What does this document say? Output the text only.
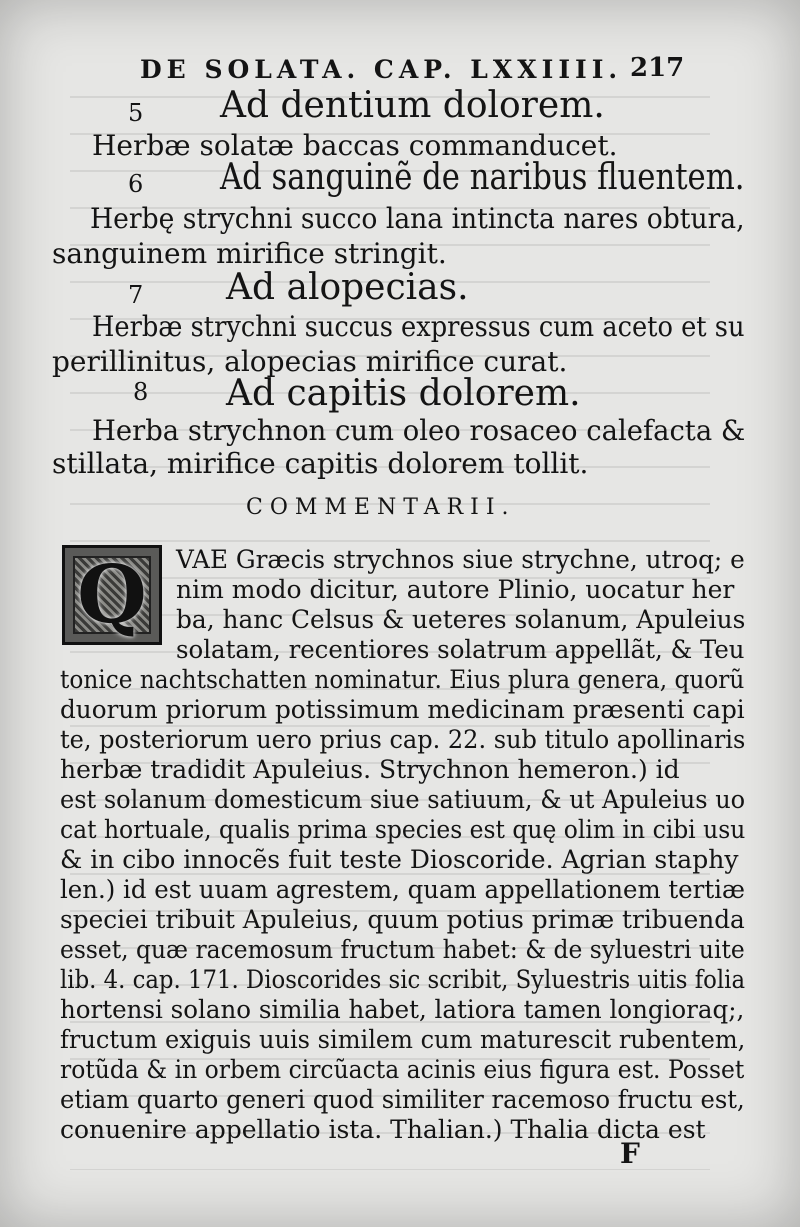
DE SOLATA. CAP. LXXIIII. 217
5 Ad dentium dolorem.
Herbæ solatæ baccas commanducet.
6 Ad sanguinẽ de naribus fluentem.
Herbę strychni succo lana intincta nares obtura,
sanguinem mirifice stringit.
7 Ad alopecias.
Herbæ strychni succus expressus cum aceto et su
perillinitus, alopecias mirifice curat.
8 Ad capitis dolorem.
Herba strychnon cum oleo rosaceo calefacta &
stillata, mirifice capitis dolorem tollit.
COMMENTARII.
Q	VAE Græcis strychnos siue strychne, utroq; e
nim modo dicitur, autore Plinio, uocatur her
ba, hanc Celsus & ueteres solanum, Apuleius
solatam, recentiores solatrum appellãt, & Teu
tonice nachtschatten nominatur. Eius plura genera, quorũ
duorum priorum potissimum medicinam præsenti capi
te, posteriorum uero prius cap. 22. sub titulo apollinaris
herbæ tradidit Apuleius. Strychnon hemeron.) id
est solanum domesticum siue satiuum, & ut Apuleius uo
cat hortuale, qualis prima species est quę olim in cibi usu
& in cibo innocẽs fuit teste Dioscoride. Agrian staphy
len.) id est uuam agrestem, quam appellationem tertiæ
speciei tribuit Apuleius, quum potius primæ tribuenda
esset, quæ racemosum fructum habet: & de syluestri uite
lib. 4. cap. 171. Dioscorides sic scribit, Syluestris uitis folia
hortensi solano similia habet, latiora tamen longioraq;,
fructum exiguis uuis similem cum maturescit rubentem,
rotũda & in orbem circũacta acinis eius figura est. Posset
etiam quarto generi quod similiter racemoso fructu est,
conuenire appellatio ista. Thalian.) Thalia dicta est
F
